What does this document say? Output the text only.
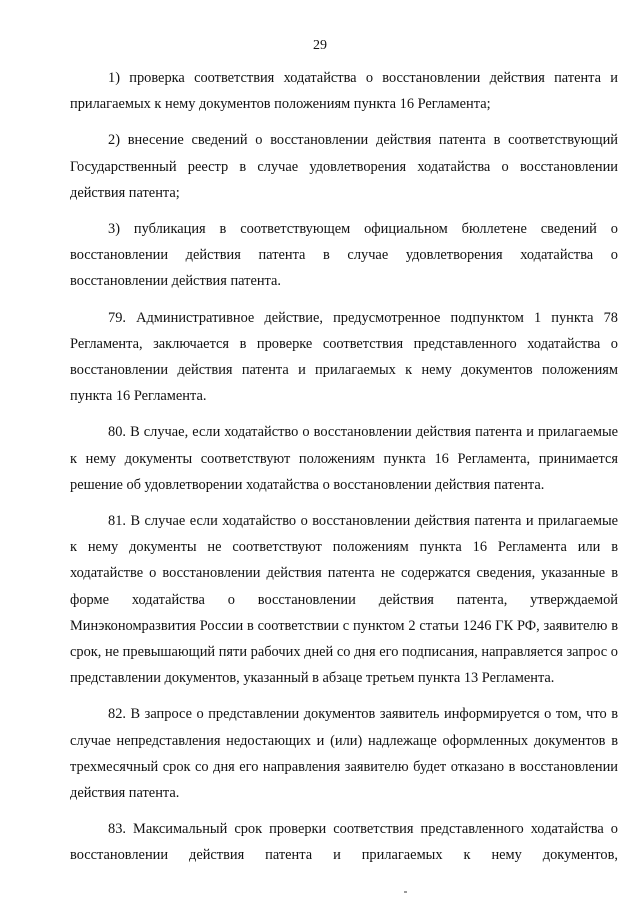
29

1) проверка соответствия ходатайства о восстановлении действия патента и прилагаемых к нему документов положениям пункта 16 Регламента;

2) внесение сведений о восстановлении действия патента в соответствующий Государственный реестр в случае удовлетворения ходатайства о восстановлении действия патента;

3) публикация в соответствующем официальном бюллетене сведений о восстановлении действия патента в случае удовлетворения ходатайства о восстановлении действия патента.

79. Административное действие, предусмотренное подпунктом 1 пункта 78 Регламента, заключается в проверке соответствия представленного ходатайства о восстановлении действия патента и прилагаемых к нему документов положениям пункта 16 Регламента.

80. В случае, если ходатайство о восстановлении действия патента и прилагаемые к нему документы соответствуют положениям пункта 16 Регламента, принимается решение об удовлетворении ходатайства о восстановлении действия патента.

81. В случае если ходатайство о восстановлении действия патента и прилагаемые к нему документы не соответствуют положениям пункта 16 Регламента или в ходатайстве о восстановлении действия патента не содержатся сведения, указанные в форме ходатайства о восстановлении действия патента, утверждаемой Минэкономразвития России в соответствии с пунктом 2 статьи 1246 ГК РФ, заявителю в срок, не превышающий пяти рабочих дней со дня его подписания, направляется запрос о представлении документов, указанный в абзаце третьем пункта 13 Регламента.

82. В запросе о представлении документов заявитель информируется о том, что в случае непредставления недостающих и (или) надлежаще оформленных документов в трехмесячный срок со дня его направления заявителю будет отказано в восстановлении действия патента.

83. Максимальный срок проверки соответствия представленного ходатайства о восстановлении действия патента и прилагаемых к нему документов,
